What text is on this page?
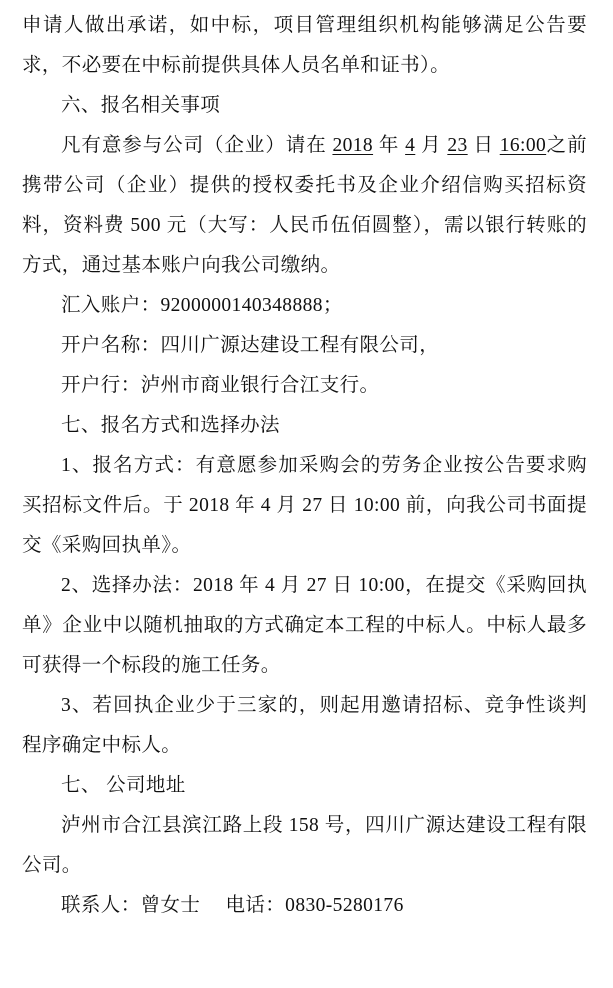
申请人做出承诺，如中标，项目管理组织机构能够满足公告要求，不必要在中标前提供具体人员名单和证书）。

六、报名相关事项

凡有意参与公司（企业）请在 2018 年 4 月 23 日 16:00之前携带公司（企业）提供的授权委托书及企业介绍信购买招标资料，资料费 500 元（大写：人民币伍佰圆整），需以银行转账的方式，通过基本账户向我公司缴纳。

汇入账户：9200000140348888；

开户名称：四川广源达建设工程有限公司，

开户行：泸州市商业银行合江支行。

七、报名方式和选择办法

1、报名方式：有意愿参加采购会的劳务企业按公告要求购买招标文件后。于 2018 年 4 月 27 日 10:00 前，向我公司书面提交《采购回执单》。

2、选择办法：2018 年 4 月 27 日 10:00，在提交《采购回执单》企业中以随机抽取的方式确定本工程的中标人。中标人最多可获得一个标段的施工任务。

3、若回执企业少于三家的，则起用邀请招标、竞争性谈判程序确定中标人。

七、 公司地址

泸州市合江县滨江路上段 158 号，四川广源达建设工程有限公司。

联系人：曾女士　 电话：0830-5280176
